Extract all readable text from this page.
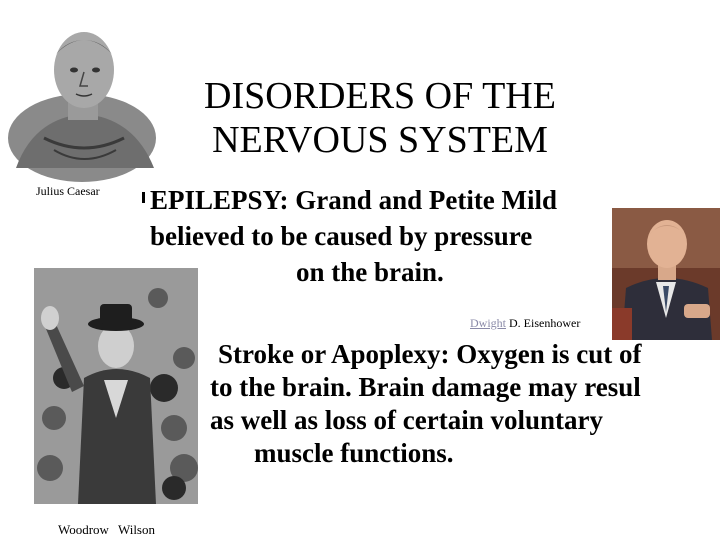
DISORDERS OF THE
NERVOUS SYSTEM
Julius Caesar EPILEPSY: Grand and Petite Mild
believed to be caused by pressure
on the brain.
Dwight D. Eisenhower
Woodrow Wilson
Stroke or Apoplexy: Oxygen is cut of
to the brain. Brain damage may resul
as well as loss of certain voluntary
muscle functions.
